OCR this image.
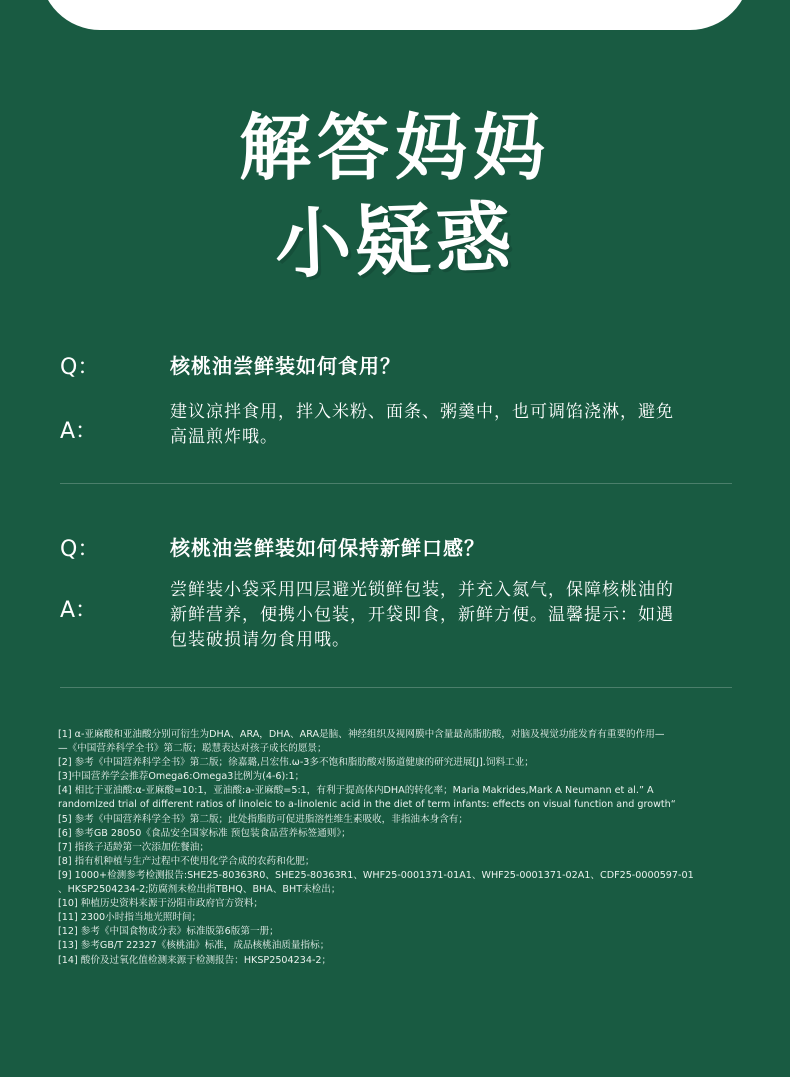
解答妈妈
小疑惑
Q：	核桃油尝鲜装如何食用？
A：
建议凉拌食用，拌入米粉、面条、粥羹中，也可调馅浇淋，避免
高温煎炸哦。
Q：	核桃油尝鲜装如何保持新鲜口感？
A：
尝鲜装小袋采用四层避光锁鲜包装，并充入氮气，保障核桃油的
新鲜营养，便携小包装，开袋即食，新鲜方便。温馨提示：如遇
包装破损请勿食用哦。
[1] α-亚麻酸和亚油酸分别可衍生为DHA、ARA，DHA、ARA是脑、神经组织及视网膜中含量最高脂肪酸，对脑及视觉功能发育有重要的作用—
—《中国营养科学全书》第二版；聪慧表达对孩子成长的愿景；
[2] 参考《中国营养科学全书》第二版；徐嘉璐,吕宏伟.ω-3多不饱和脂肪酸对肠道健康的研究进展[J].饲料工业；
[3]中国营养学会推荐Omega6:Omega3比例为(4-6):1；
[4] 相比于亚油酸:α-亚麻酸=10:1，亚油酸:a-亚麻酸=5:1，有利于提高体内DHA的转化率；Maria Makrides,Mark A Neumann et al.” A
randomlzed trial of different ratios of linoleic to a-linolenic acid in the diet of term infants: effects on visual function and growth“
[5] 参考《中国营养科学全书》第二版；此处指脂肪可促进脂溶性维生素吸收，非指油本身含有；
[6] 参考GB 28050《食品安全国家标准 预包装食品营养标签通则》；
[7] 指孩子适龄第一次添加佐餐油；
[8] 指有机种植与生产过程中不使用化学合成的农药和化肥；
[9] 1000+检测参考检测报告:SHE25-80363R0、SHE25-80363R1、WHF25-0001371-01A1、WHF25-0001371-02A1、CDF25-0000597-01
、HKSP2504234-2;防腐剂未检出指TBHQ、BHA、BHT未检出；
[10] 种植历史资料来源于汾阳市政府官方资料；
[11] 2300小时指当地光照时间；
[12] 参考《中国食物成分表》标准版第6版第一册；
[13] 参考GB/T 22327《核桃油》标准，成品核桃油质量指标；
[14] 酸价及过氧化值检测来源于检测报告：HKSP2504234-2；
